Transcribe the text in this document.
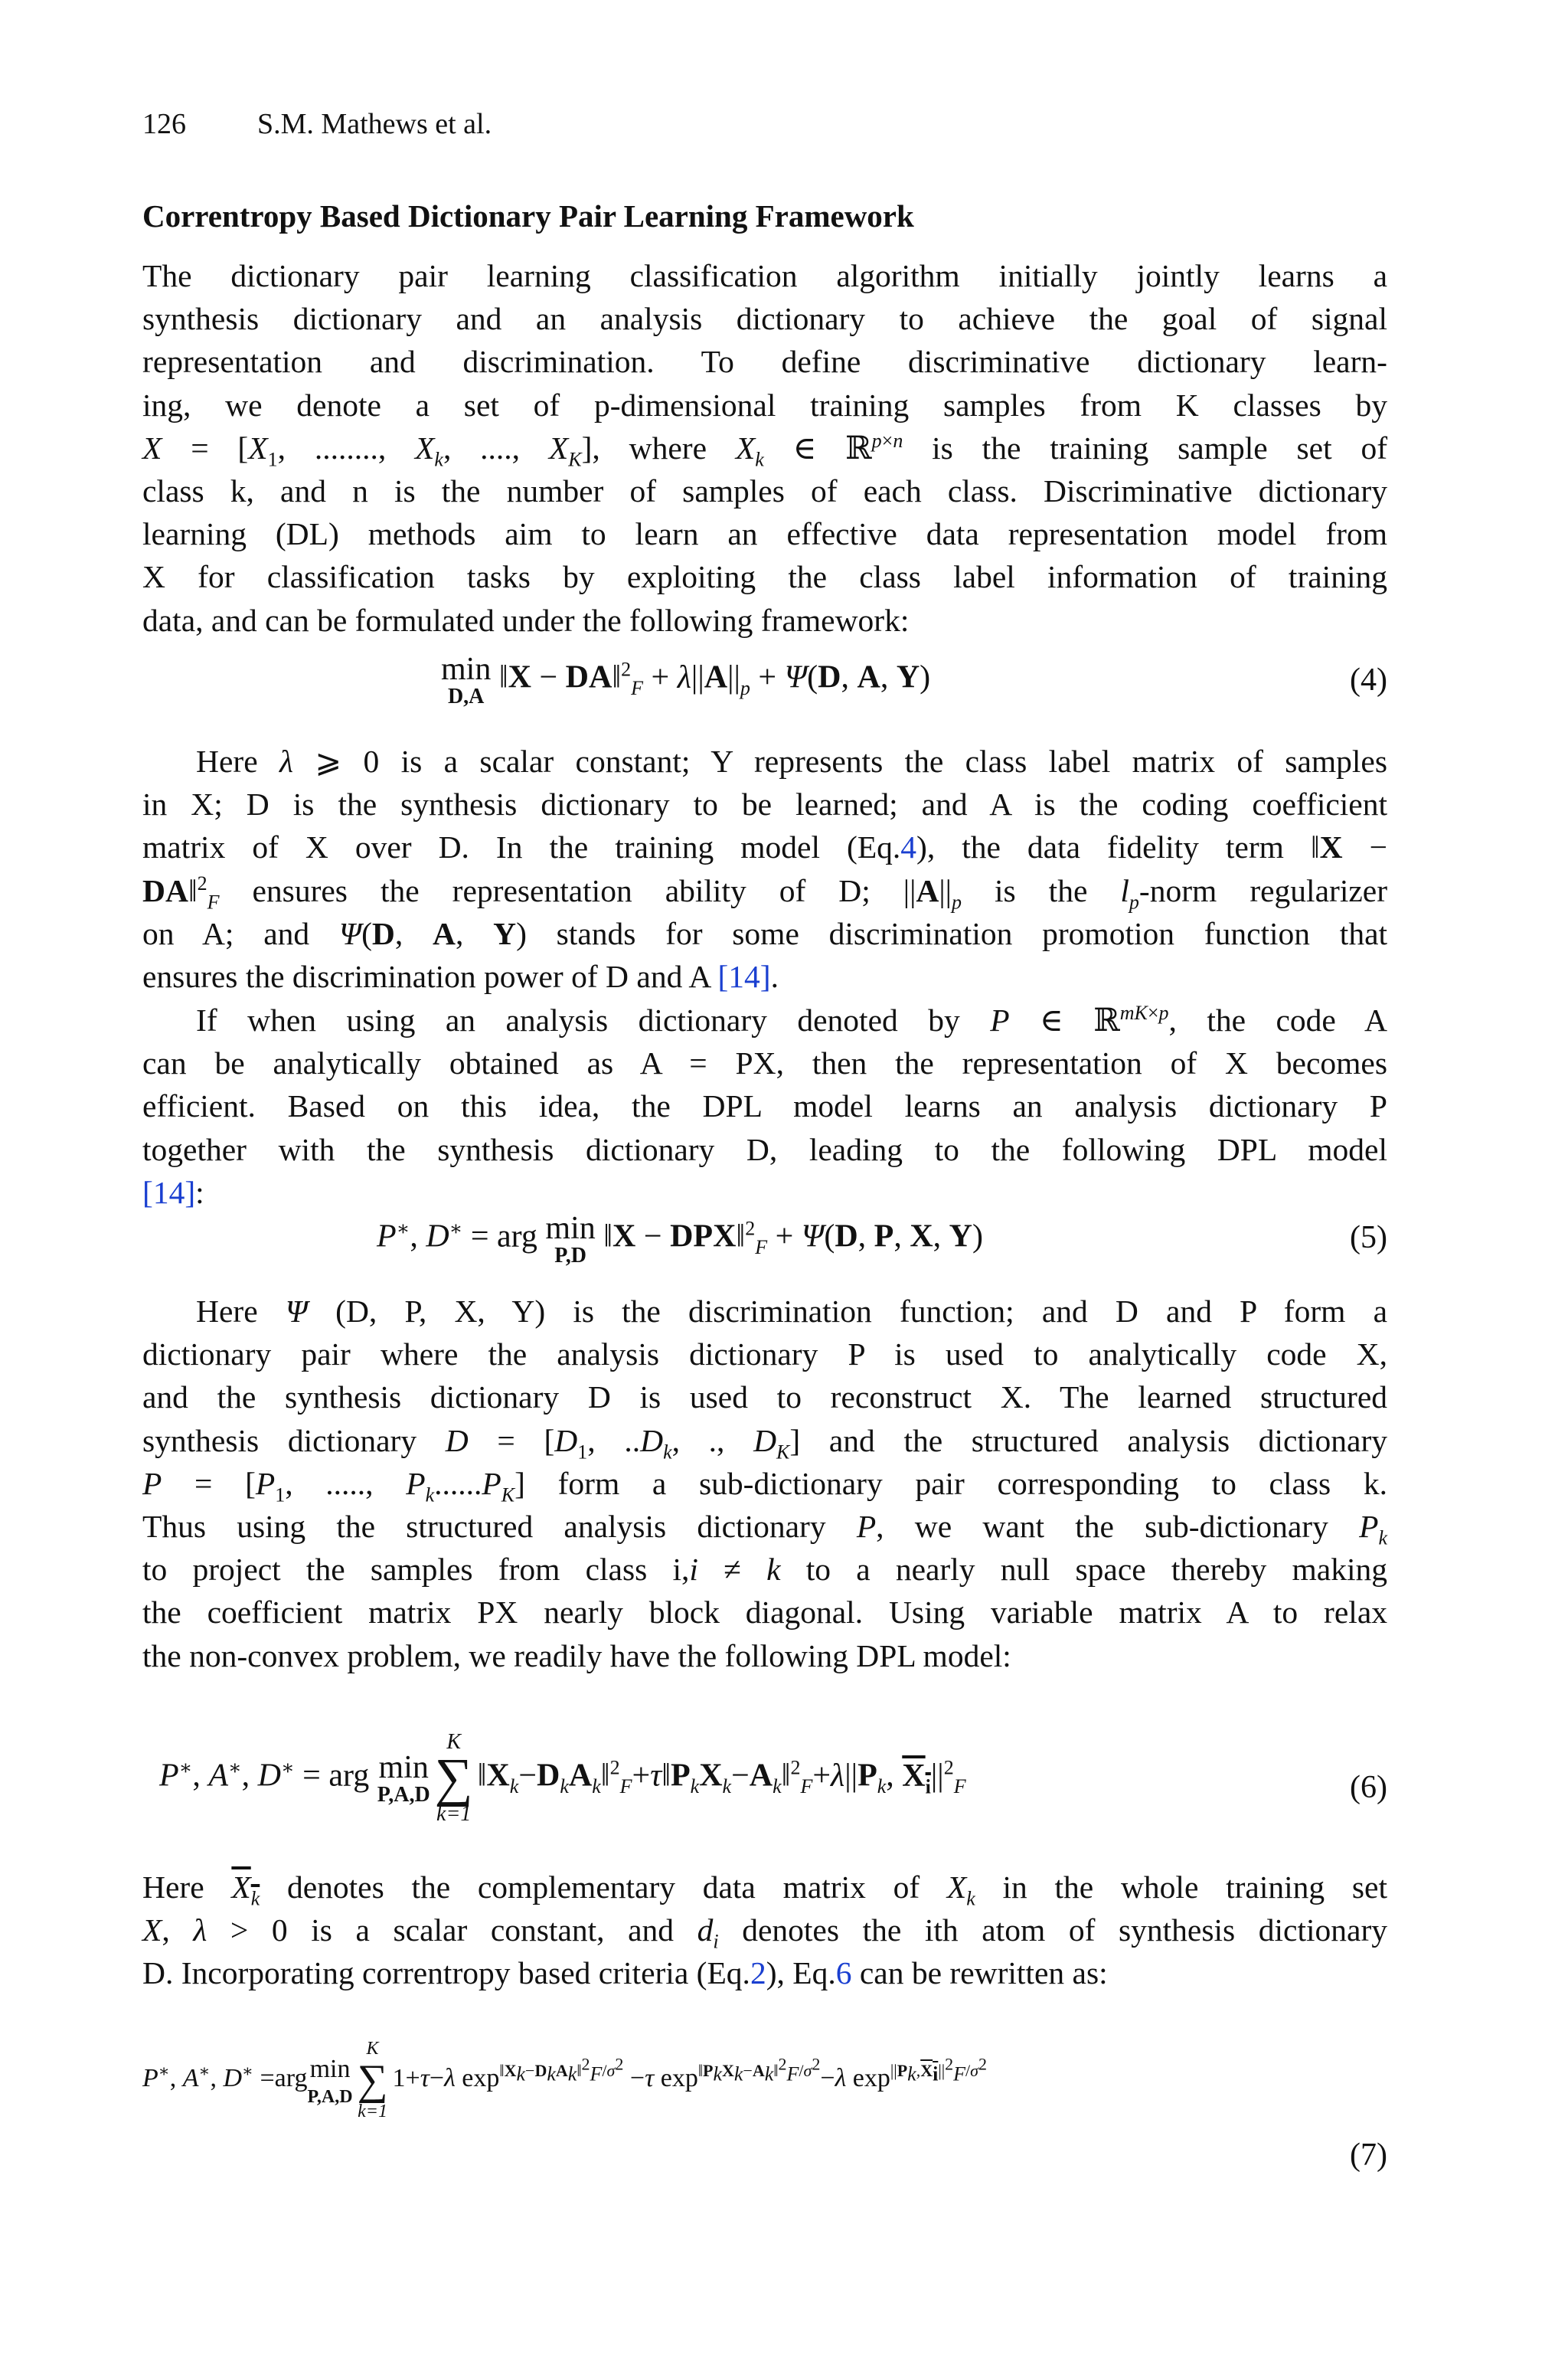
126 S.M. Mathews et al.
Correntropy Based Dictionary Pair Learning Framework
The dictionary pair learning classification algorithm initially jointly learns a
synthesis dictionary and an analysis dictionary to achieve the goal of signal
representation and discrimination. To define discriminative dictionary learn-
ing, we denote a set of p-dimensional training samples from K classes by
$X = [X_1$, ........, $X_k$, ...., $X_K$], where $X_k$ ∈ ℝ$^{p\times n}$ is the training sample set of
class k, and n is the number of samples of each class. Discriminative dictionary
learning (DL) methods aim to learn an effective data representation model from
X for classification tasks by exploiting the class label information of training
data, and can be formulated under the following framework:
min
D,A
‖X − DA‖$^2_F$ + $\lambda||A||_p + \Psi(D$, A, Y)	(4)
Here λ ⩾ 0 is a scalar constant; Y represents the class label matrix of samples
in X; D is the synthesis dictionary to be learned; and A is the coding coefficient
matrix of X over D. In the training model (Eq.4), the data fidelity term ‖X −
DA‖$^2_F$ ensures the representation ability of D; $||A||_p$ is the $l_p$-norm regularizer
on A; and Ψ(D, A, Y) stands for some discrimination promotion function that
ensures the discrimination power of D and A [14].
If when using an analysis dictionary denoted by P ∈ ℝ$^{mK\times p}$, the code A
can be analytically obtained as A = PX, then the representation of X becomes
efficient. Based on this idea, the DPL model learns an analysis dictionary P
together with the synthesis dictionary D, leading to the following DPL model
[14]:
P∗, D∗ = arg min
P,D
‖X − DPX‖$^2_F$ + Ψ(D, P, X, Y)	(5)
Here Ψ (D, P, X, Y) is the discrimination function; and D and P form a
dictionary pair where the analysis dictionary P is used to analytically code X,
and the synthesis dictionary D is used to reconstruct X. The learned structured
synthesis dictionary $D = [D_1$, $..D_k$, ., $D_K$] and the structured analysis dictionary
$P = [P_1$, ....., $P_k......P_K$] form a sub-dictionary pair corresponding to class k.
Thus using the structured analysis dictionary P, we want the sub-dictionary $P_k$
to project the samples from class i,i ≠ k to a nearly null space thereby making
the coefficient matrix PX nearly block diagonal. Using variable matrix A to relax
the non-convex problem, we readily have the following DPL model:
P∗, A∗, D∗ = arg min
P,A,D
K
∑
k=1
$‖X_k-D_kA_k‖^2_F+\tau‖P_kX_k-A_k‖^2_F+\lambda||P_k$, $X_i||^2_F$	(6)
Here $X_k$ denotes the complementary data matrix of $X_k$ in the whole training set
X, λ > 0 is a scalar constant, and $d_i$ denotes the ith atom of synthesis dictionary
D. Incorporating correntropy based criteria (Eq.2), Eq.6 can be rewritten as:
P∗, A∗, D∗ =arg min
P,A,D
K
∑
k=1
1+τ−λ $\exp^{‖X_k-D_kA_k‖^2_F/\sigma^2} -\tau$ $\exp^{‖P_kX_k-A_k‖^2_F/\sigma^2}-\lambda$ $\exp^{||P_k,X_i||^2_F/\sigma^2}$
(7)
